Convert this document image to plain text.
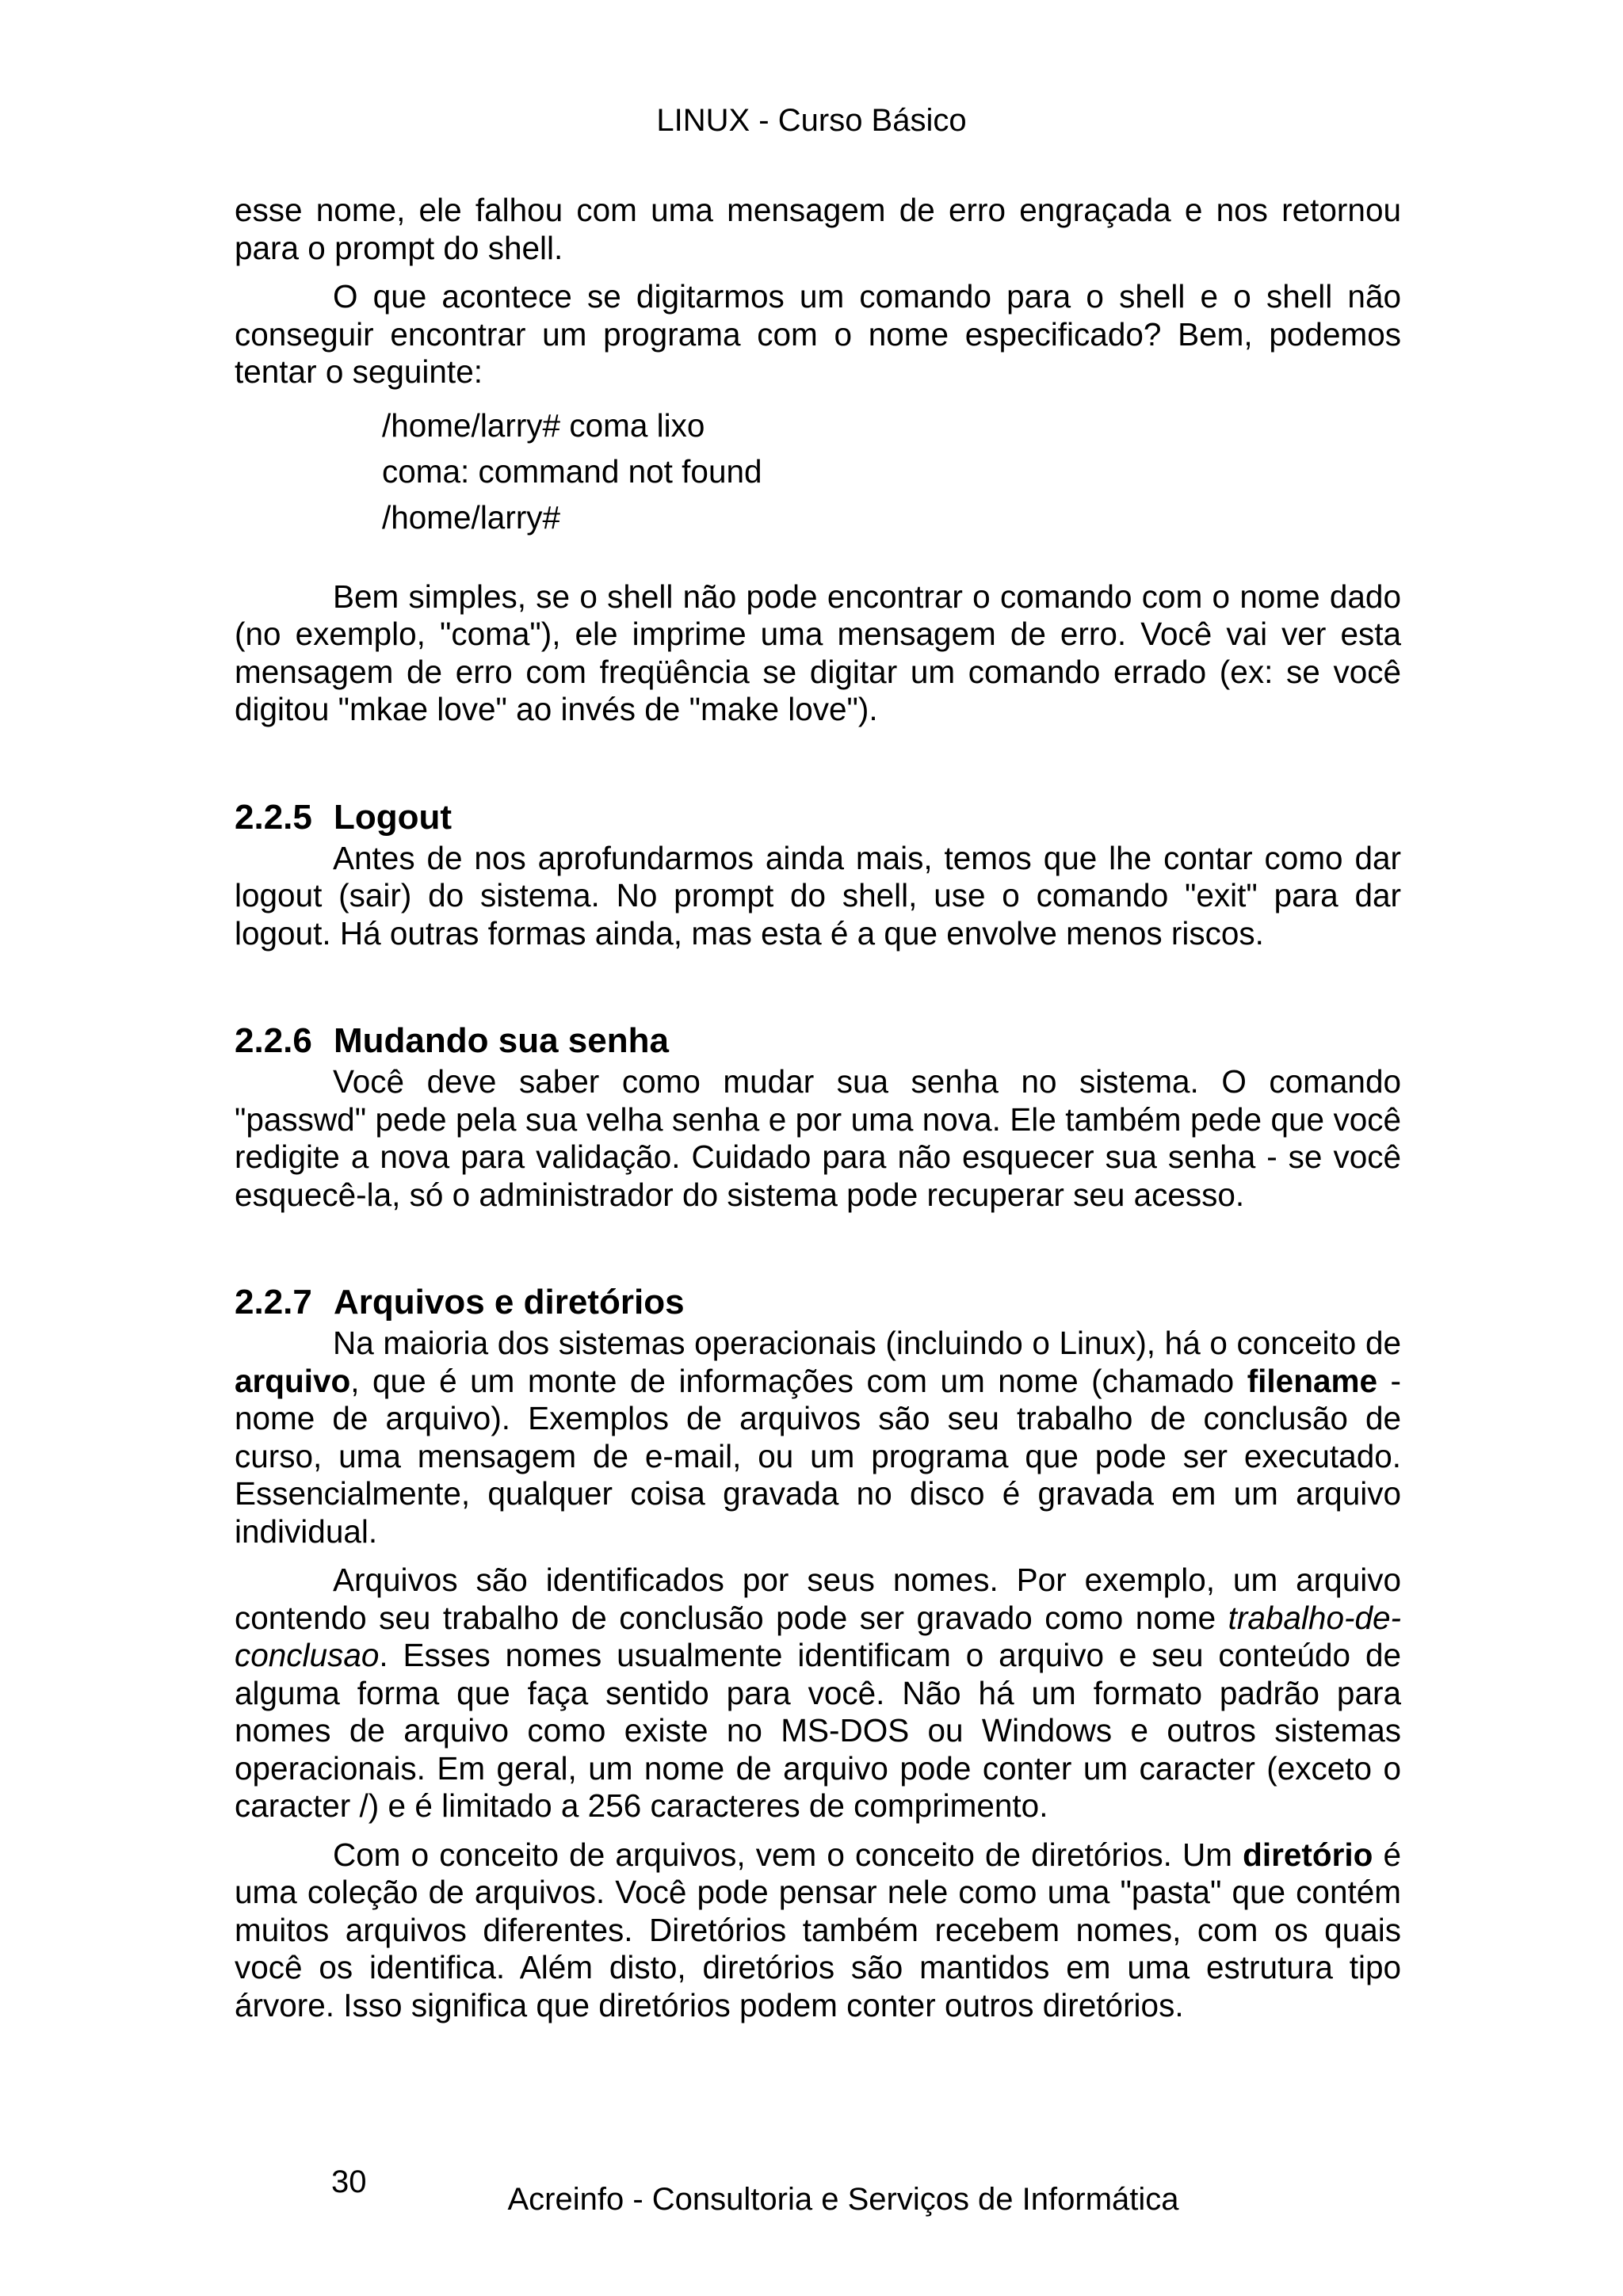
LINUX - Curso Básico

esse nome, ele falhou com uma mensagem de erro engraçada e nos retornou para o prompt do shell.

O que acontece se digitarmos um comando para o shell e o shell não conseguir encontrar um programa com o nome especificado? Bem, podemos tentar o seguinte:

/home/larry# coma lixo
coma: command not found
/home/larry#

Bem simples, se o shell não pode encontrar o comando com o nome dado (no exemplo, "coma"), ele imprime uma mensagem de erro. Você vai ver esta mensagem de erro com freqüência se digitar um comando errado (ex: se você digitou "mkae love" ao invés de "make love").

2.2.5 Logout

Antes de nos aprofundarmos ainda mais, temos que lhe contar como dar logout (sair) do sistema. No prompt do shell, use o comando "exit" para dar logout. Há outras formas ainda, mas esta é a que envolve menos riscos.

2.2.6 Mudando sua senha

Você deve saber como mudar sua senha no sistema. O comando "passwd" pede pela sua velha senha e por uma nova. Ele também pede que você redigite a nova para validação. Cuidado para não esquecer sua senha - se você esquecê-la, só o administrador do sistema pode recuperar seu acesso.

2.2.7 Arquivos e diretórios

Na maioria dos sistemas operacionais (incluindo o Linux), há o conceito de arquivo, que é um monte de informações com um nome (chamado filename - nome de arquivo). Exemplos de arquivos são seu trabalho de conclusão de curso, uma mensagem de e-mail, ou um programa que pode ser executado. Essencialmente, qualquer coisa gravada no disco é gravada em um arquivo individual.

Arquivos são identificados por seus nomes. Por exemplo, um arquivo contendo seu trabalho de conclusão pode ser gravado como nome trabalho-de-conclusao. Esses nomes usualmente identificam o arquivo e seu conteúdo de alguma forma que faça sentido para você. Não há um formato padrão para nomes de arquivo como existe no MS-DOS ou Windows e outros sistemas operacionais. Em geral, um nome de arquivo pode conter um caracter (exceto o caracter /) e é limitado a 256 caracteres de comprimento.

Com o conceito de arquivos, vem o conceito de diretórios. Um diretório é uma coleção de arquivos. Você pode pensar nele como uma "pasta" que contém muitos arquivos diferentes. Diretórios também recebem nomes, com os quais você os identifica. Além disto, diretórios são mantidos em uma estrutura tipo árvore. Isso significa que diretórios podem conter outros diretórios.

30	Acreinfo - Consultoria e Serviços de Informática
